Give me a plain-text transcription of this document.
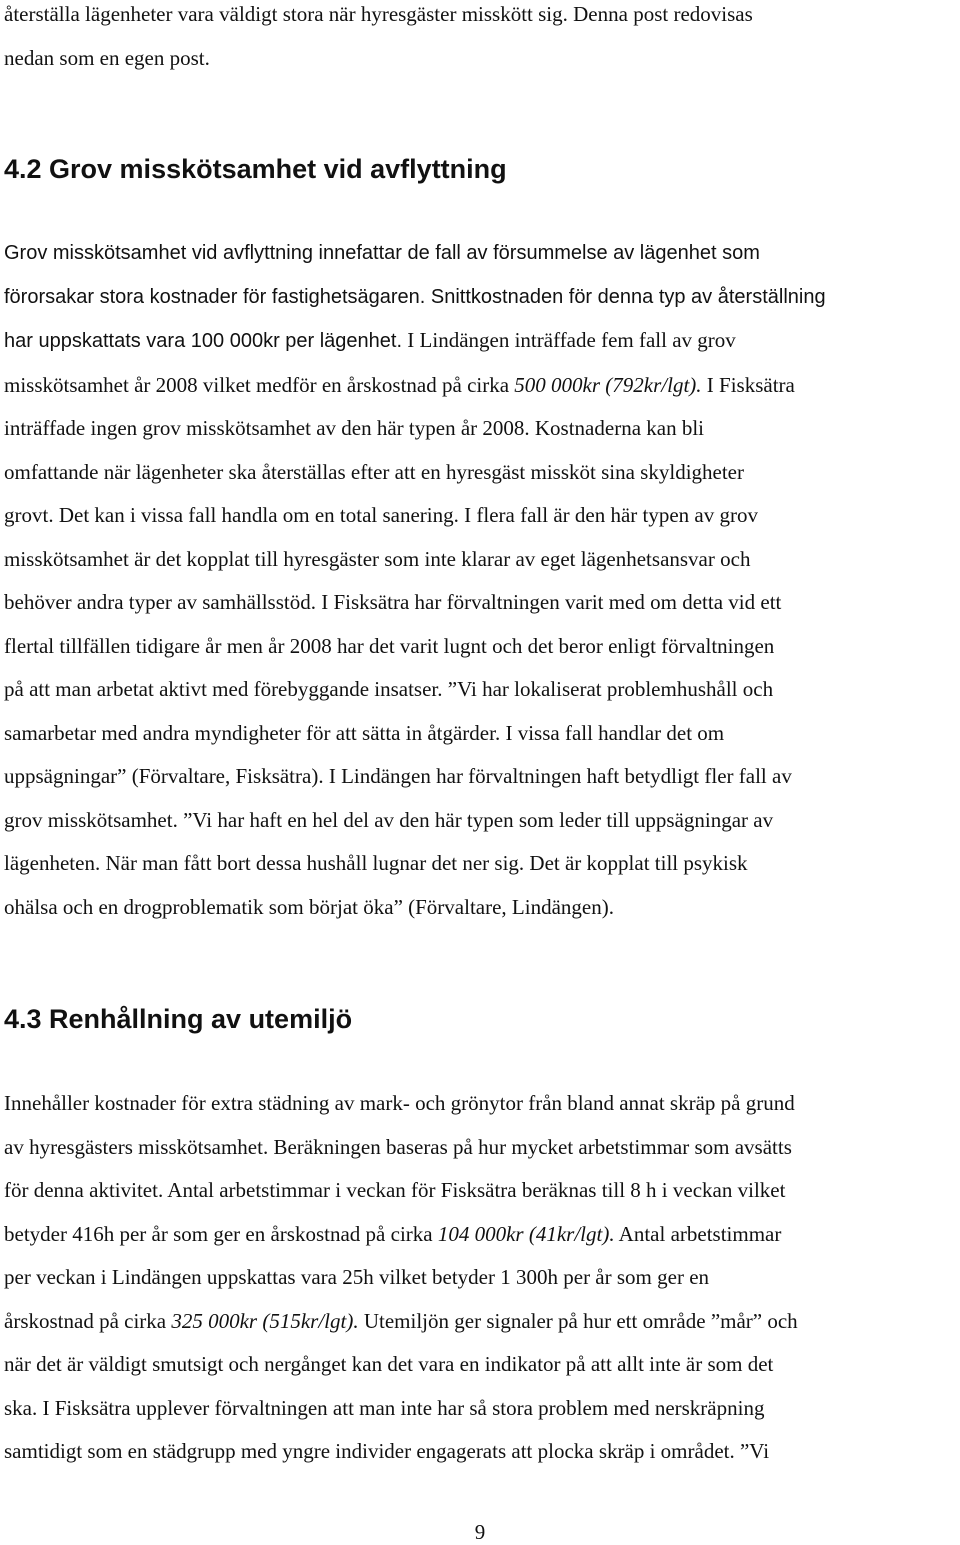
återställa lägenheter vara väldigt stora när hyresgäster misskött sig. Denna post redovisas
nedan som en egen post.

4.2 Grov misskötsamhet vid avflyttning

Grov misskötsamhet vid avflyttning innefattar de fall av försummelse av lägenhet som
förorsakar stora kostnader för fastighetsägaren. Snittkostnaden för denna typ av återställning
har uppskattats vara 100 000kr per lägenhet. I Lindängen inträffade fem fall av grov
misskötsamhet år 2008 vilket medför en årskostnad på cirka 500 000kr (792kr/lgt). I Fisksätra
inträffade ingen grov misskötsamhet av den här typen år 2008. Kostnaderna kan bli
omfattande när lägenheter ska återställas efter att en hyresgäst missköt sina skyldigheter
grovt. Det kan i vissa fall handla om en total sanering. I flera fall är den här typen av grov
misskötsamhet är det kopplat till hyresgäster som inte klarar av eget lägenhetsansvar och
behöver andra typer av samhällsstöd. I Fisksätra har förvaltningen varit med om detta vid ett
flertal tillfällen tidigare år men år 2008 har det varit lugnt och det beror enligt förvaltningen
på att man arbetat aktivt med förebyggande insatser. ”Vi har lokaliserat problemhushåll och
samarbetar med andra myndigheter för att sätta in åtgärder. I vissa fall handlar det om
uppsägningar” (Förvaltare, Fisksätra). I Lindängen har förvaltningen haft betydligt fler fall av
grov misskötsamhet. ”Vi har haft en hel del av den här typen som leder till uppsägningar av
lägenheten. När man fått bort dessa hushåll lugnar det ner sig. Det är kopplat till psykisk
ohälsa och en drogproblematik som börjat öka” (Förvaltare, Lindängen).

4.3 Renhållning av utemiljö

Innehåller kostnader för extra städning av mark- och grönytor från bland annat skräp på grund
av hyresgästers misskötsamhet. Beräkningen baseras på hur mycket arbetstimmar som avsätts
för denna aktivitet. Antal arbetstimmar i veckan för Fisksätra beräknas till 8 h i veckan vilket
betyder 416h per år som ger en årskostnad på cirka 104 000kr (41kr/lgt). Antal arbetstimmar
per veckan i Lindängen uppskattas vara 25h vilket betyder 1 300h per år som ger en
årskostnad på cirka 325 000kr (515kr/lgt). Utemiljön ger signaler på hur ett område ”mår” och
när det är väldigt smutsigt och nergånget kan det vara en indikator på att allt inte är som det
ska. I Fisksätra upplever förvaltningen att man inte har så stora problem med nerskräpning
samtidigt som en städgrupp med yngre individer engagerats att plocka skräp i området. ”Vi

9
